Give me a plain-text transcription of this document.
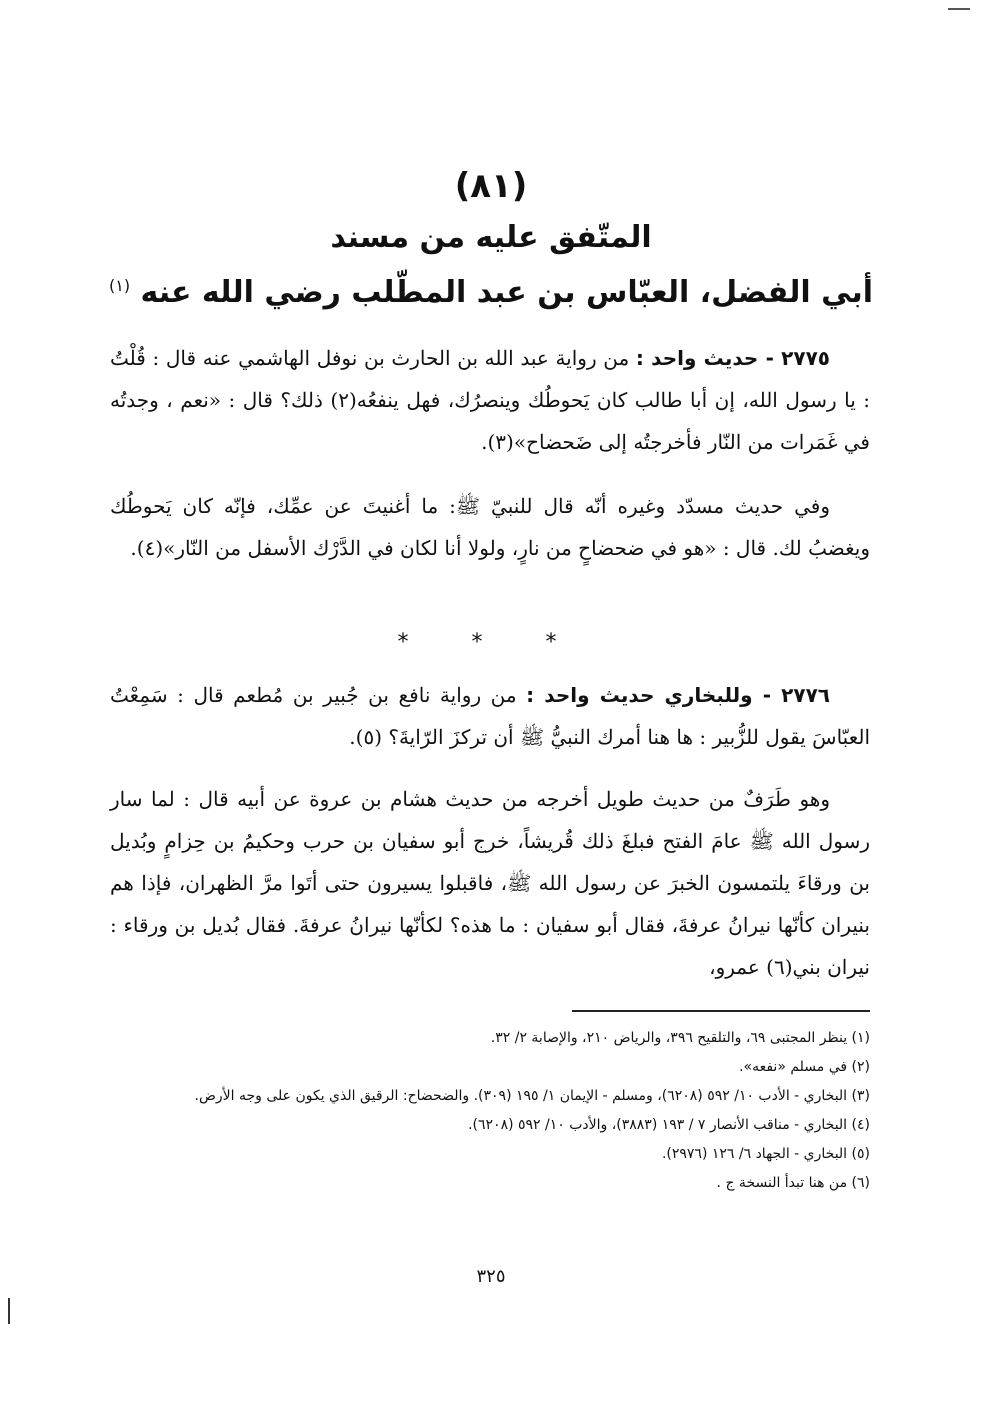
(٨١)
المتّفق عليه من مسند
أبي الفضل، العبّاس بن عبد المطّلب رضي الله عنه $^{(١)}$

٢٧٧٥ - حديث واحد : من رواية عبد الله بن الحارث بن نوفل الهاشمي عنه قال : قُلْتُ : يا رسول الله، إن أبا طالب كان يَحوطُك وينصرُك، فهل ينفعُه(٢) ذلك؟ قال : «نعم ، وجدتُه في غَمَرات من النّار فأخرجتُه إلى ضَحضاح»(٣).

وفي حديث مسدّد وغيره أنّه قال للنبيّ ﷺ: ما أغنيتَ عن عمِّك، فإنّه كان يَحوطُك ويغضبُ لك. قال : «هو في ضحضاحٍ من نارٍ، ولولا أنا لكان في الدَّرْك الأسفل من النّار»(٤).

* * *

٢٧٧٦ - وللبخاري حديث واحد : من رواية نافع بن جُبير بن مُطعم قال : سَمِعْتُ العبّاسَ يقول للزُّبير : ها هنا أمرك النبيُّ ﷺ أن تركزَ الرّايةَ؟ (٥).

وهو طَرَفٌ من حديث طويل أخرجه من حديث هشام بن عروة عن أبيه قال : لما سار رسول الله ﷺ عامَ الفتح فبلغَ ذلك قُريشاً، خرج أبو سفيان بن حرب وحكيمُ بن حِزامٍ وبُديل بن ورقاءَ يلتمسون الخبرَ عن رسول الله ﷺ، فاقبلوا يسيرون حتى أتَوا مرَّ الظهران، فإذا هم بنيران كأنّها نيرانُ عرفةَ، فقال أبو سفيان : ما هذه؟ لكأنّها نيرانُ عرفةَ. فقال بُديل بن ورقاء : نيران بني(٦) عمرو،

(١) ينظر المجتبى ٦٩، والتلقيح ٣٩٦، والرياض ٢١٠، والإصابة ٢/ ٣٢.
(٢) في مسلم «نفعه».
(٣) البخاري - الأدب ١٠/ ٥٩٢ (٦٢٠٨)، ومسلم - الإيمان ١/ ١٩٥ (٣٠٩). والضحضاح: الرقيق الذي يكون على وجه الأرض.
(٤) البخاري - مناقب الأنصار ٧ / ١٩٣ (٣٨٨٣)، والأدب ١٠/ ٥٩٢ (٦٢٠٨).
(٥) البخاري - الجهاد ٦/ ١٢٦ (٢٩٧٦).
(٦) من هنا تبدأ النسخة ج .
٣٢٥
